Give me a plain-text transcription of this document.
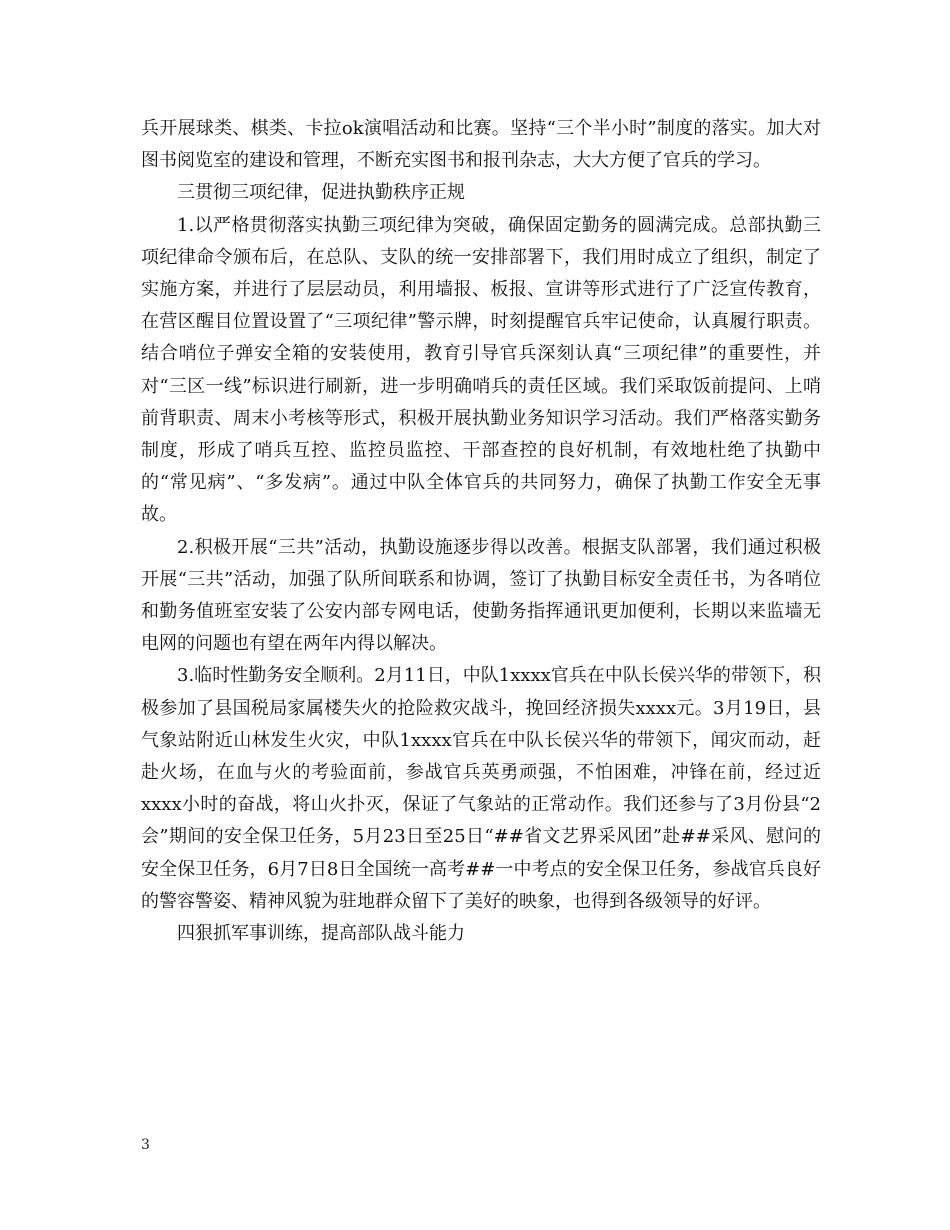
兵开展球类、棋类、卡拉ok演唱活动和比赛。坚持“三个半小时”制度的落实。加大对图书阅览室的建设和管理，不断充实图书和报刊杂志，大大方便了官兵的学习。

三贯彻三项纪律，促进执勤秩序正规

1.以严格贯彻落实执勤三项纪律为突破，确保固定勤务的圆满完成。总部执勤三项纪律命令颁布后，在总队、支队的统一安排部署下，我们用时成立了组织，制定了实施方案，并进行了层层动员，利用墙报、板报、宣讲等形式进行了广泛宣传教育，在营区醒目位置设置了“三项纪律”警示牌，时刻提醒官兵牢记使命，认真履行职责。结合哨位子弹安全箱的安装使用，教育引导官兵深刻认真“三项纪律”的重要性，并对“三区一线”标识进行刷新，进一步明确哨兵的责任区域。我们采取饭前提问、上哨前背职责、周末小考核等形式，积极开展执勤业务知识学习活动。我们严格落实勤务制度，形成了哨兵互控、监控员监控、干部查控的良好机制，有效地杜绝了执勤中的“常见病”、“多发病”。通过中队全体官兵的共同努力，确保了执勤工作安全无事故。

2.积极开展“三共”活动，执勤设施逐步得以改善。根据支队部署，我们通过积极开展“三共”活动，加强了队所间联系和协调，签订了执勤目标安全责任书，为各哨位和勤务值班室安装了公安内部专网电话，使勤务指挥通讯更加便利，长期以来监墙无电网的问题也有望在两年内得以解决。

3.临时性勤务安全顺利。2月11日，中队1xxxx官兵在中队长侯兴华的带领下，积极参加了县国税局家属楼失火的抢险救灾战斗，挽回经济损失xxxx元。3月19日，县气象站附近山林发生火灾，中队1xxxx官兵在中队长侯兴华的带领下，闻灾而动，赶赴火场，在血与火的考验面前，参战官兵英勇顽强，不怕困难，冲锋在前，经过近xxxx小时的奋战，将山火扑灭，保证了气象站的正常动作。我们还参与了3月份县“2会”期间的安全保卫任务，5月23日至25日“##省文艺界采风团”赴##采风、慰问的安全保卫任务，6月7日8日全国统一高考##一中考点的安全保卫任务，参战官兵良好的警容警姿、精神风貌为驻地群众留下了美好的映象，也得到各级领导的好评。

四狠抓军事训练，提高部队战斗能力

3
